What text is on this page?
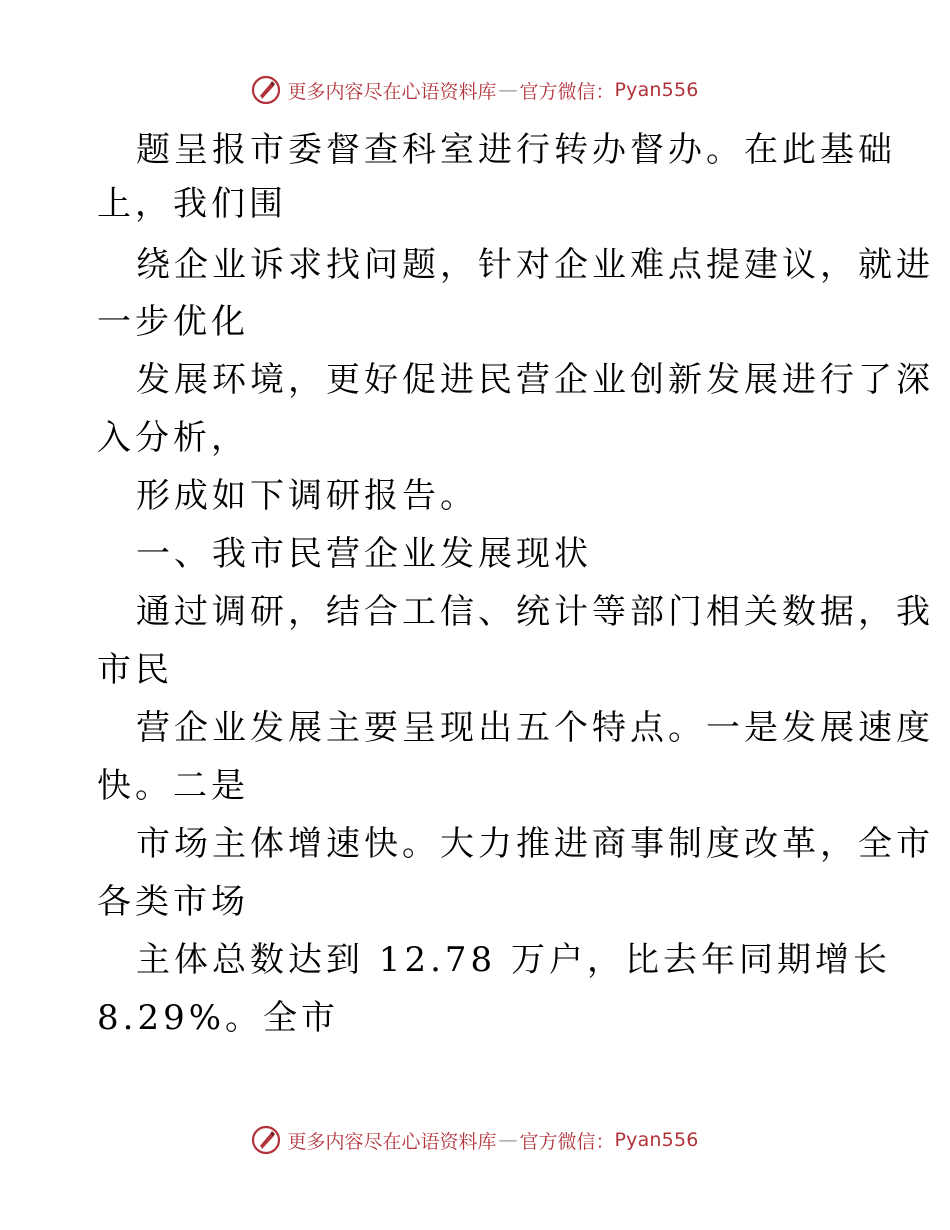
更多内容尽在心语资料库 — 官方微信： Pyan556
题呈报市委督查科室进行转办督办。在此基础
上，我们围
绕企业诉求找问题，针对企业难点提建议，就进
一步优化
发展环境，更好促进民营企业创新发展进行了深
入分析，
形成如下调研报告。
一、我市民营企业发展现状
通过调研，结合工信、统计等部门相关数据，我
市民
营企业发展主要呈现出五个特点。一是发展速度
快。二是
市场主体增速快。大力推进商事制度改革，全市
各类市场
主体总数达到 12.78 万户，比去年同期增长
8.29%。全市
更多内容尽在心语资料库 — 官方微信： Pyan556
